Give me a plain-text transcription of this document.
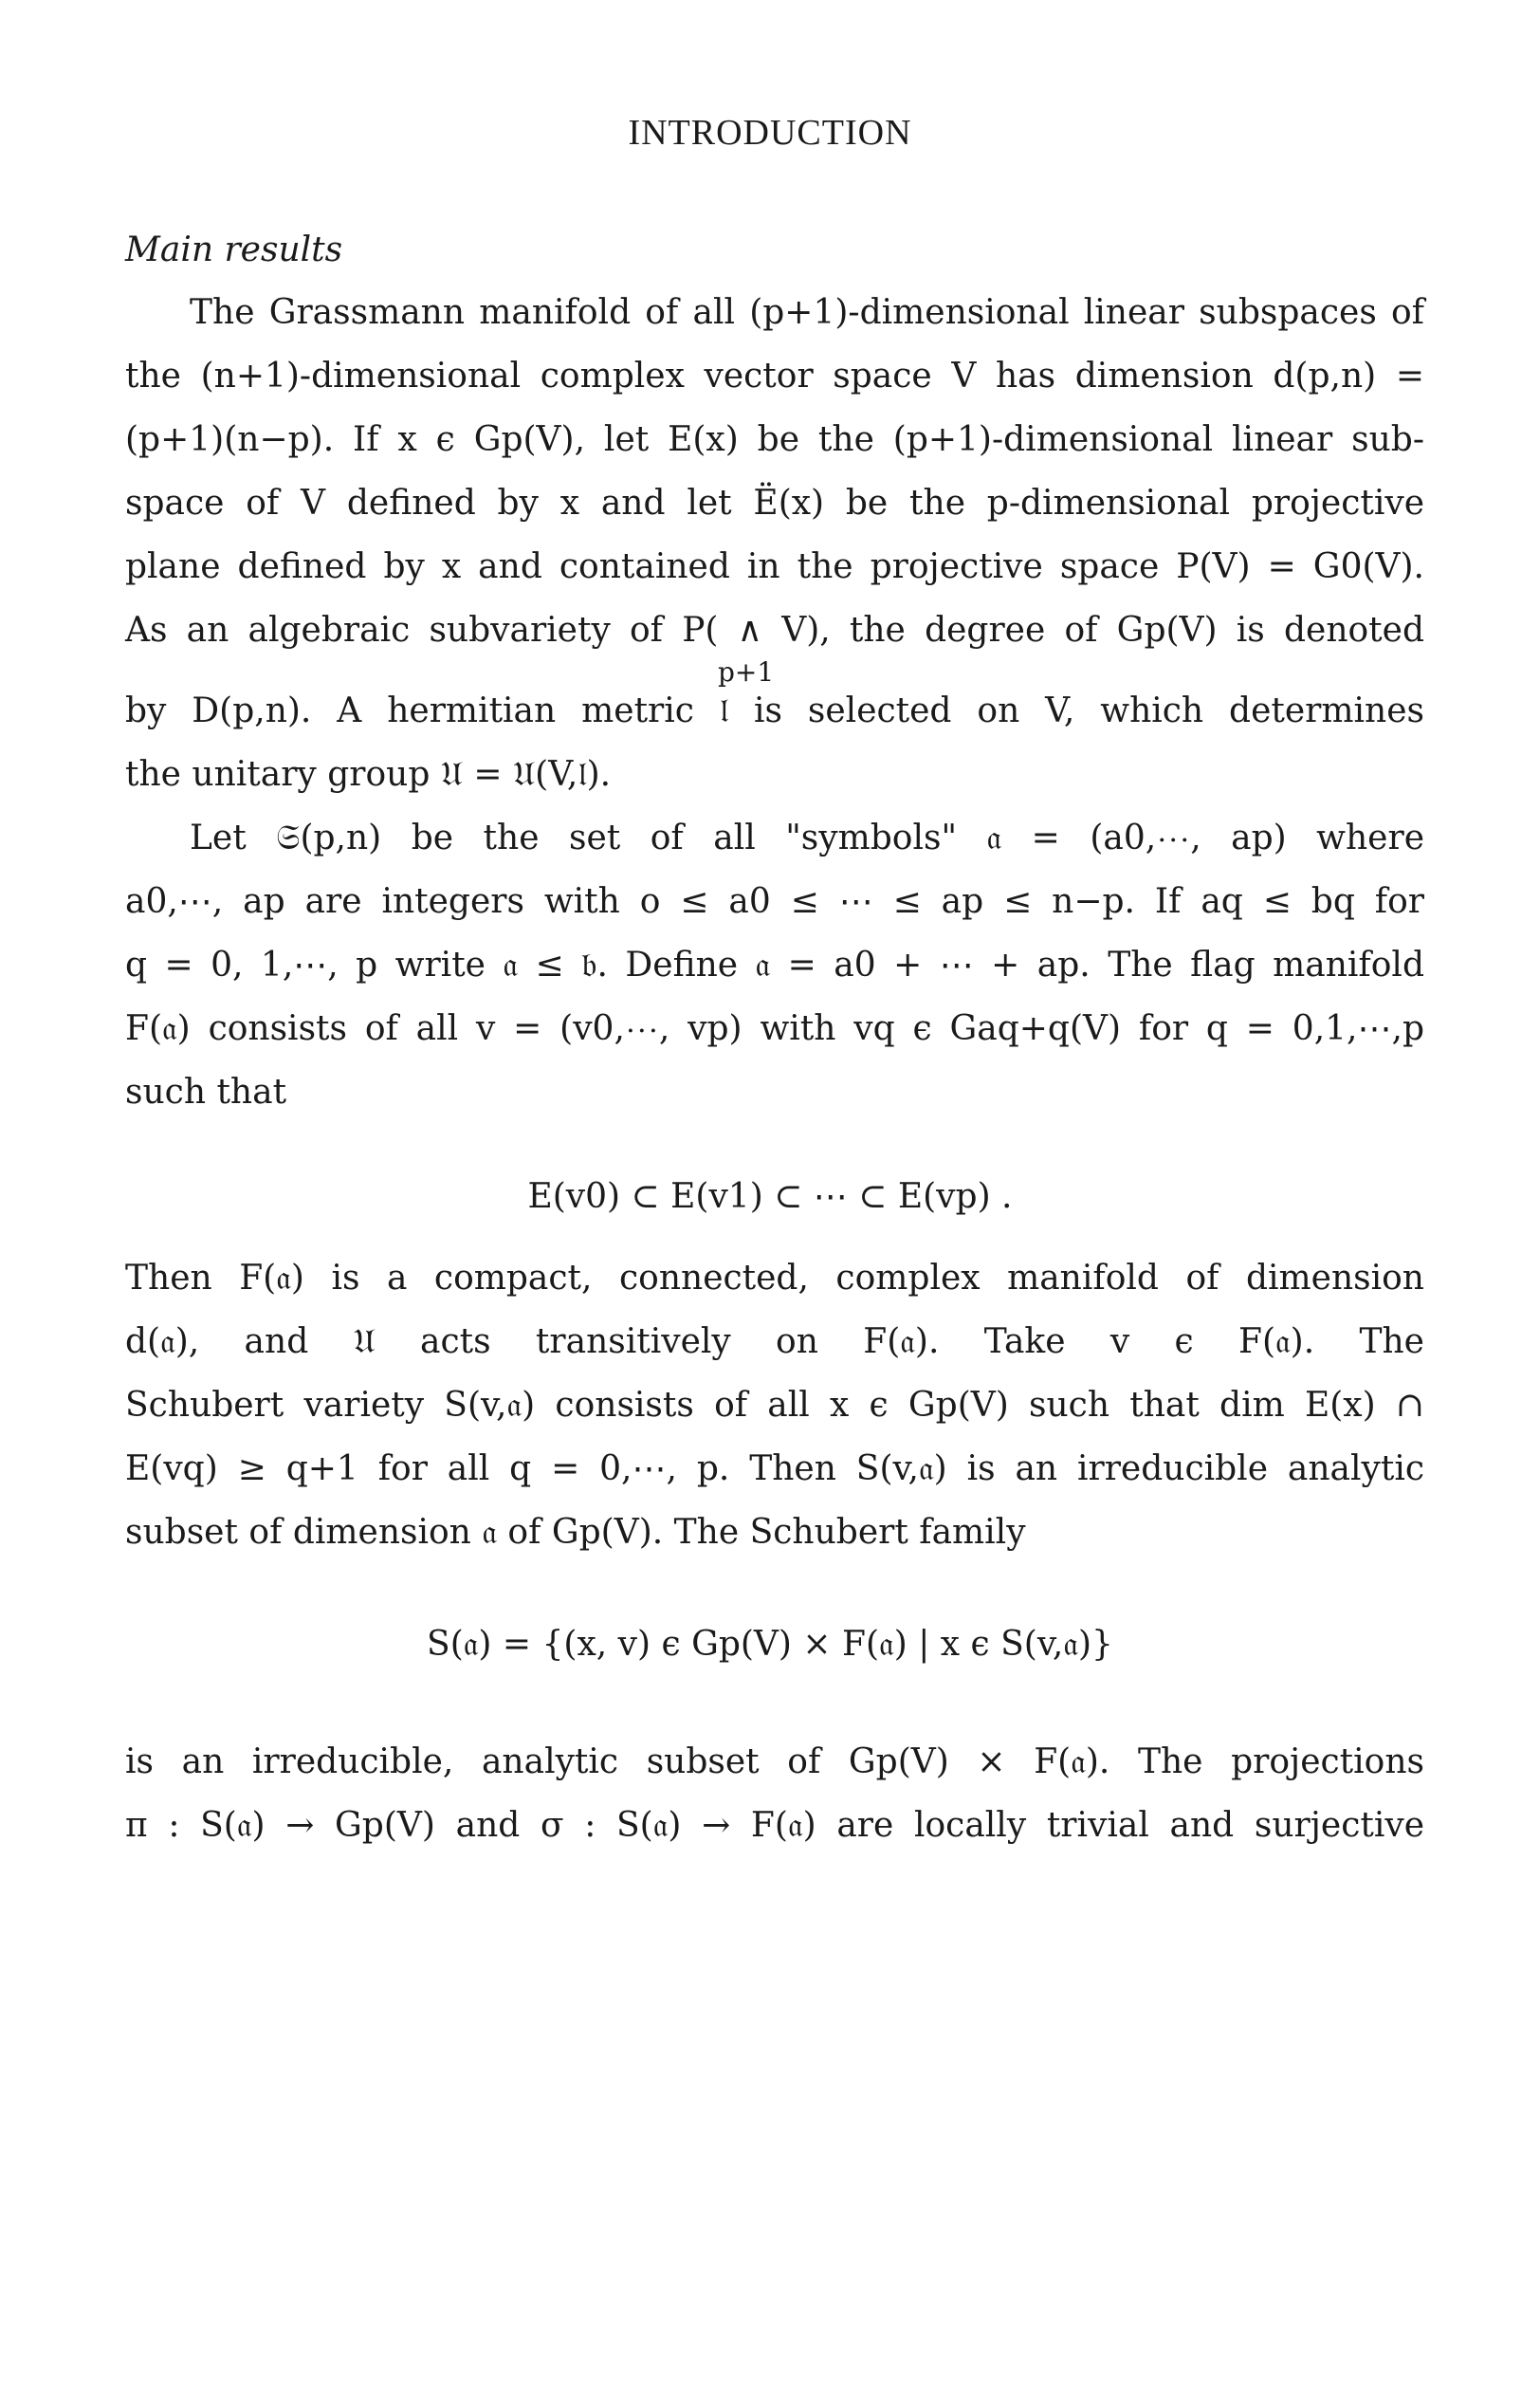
INTRODUCTION
Main results
The Grassmann manifold of all (p+1)-dimensional linear subspaces of
the (n+1)-dimensional complex vector space V has dimension d(p,n) =
(p+1)(n−p). If x ϵ Gp(V), let E(x) be the (p+1)-dimensional linear sub-
space of V defined by x and let Ë(x) be the p-dimensional projective
plane defined by x and contained in the projective space P(V) = G0(V).
As an algebraic subvariety of P( ∧ V), the degree of Gp(V) is denoted
p+1
by D(p,n). A hermitian metric 𝔩 is selected on V, which determines
the unitary group 𝔘 = 𝔘(V,𝔩).
Let 𝔖(p,n) be the set of all "symbols" 𝔞 = (a0,⋯, ap) where
a0,⋯, ap are integers with o ≤ a0 ≤ ⋯ ≤ ap ≤ n−p. If aq ≤ bq for
q = 0, 1,⋯, p write 𝔞 ≤ 𝔟. Define 𝔞 = a0 + ⋯ + ap. The flag manifold
F(𝔞) consists of all v = (v0,⋯, vp) with vq ϵ Gaq+q(V) for q = 0,1,⋯,p
such that
E(v0) ⊂ E(v1) ⊂ ⋯ ⊂ E(vp) .
Then F(𝔞) is a compact, connected, complex manifold of dimension
d(𝔞), and 𝔘 acts transitively on F(𝔞). Take v ϵ F(𝔞). The
Schubert variety S(v,𝔞) consists of all x ϵ Gp(V) such that dim E(x) ∩
E(vq) ≥ q+1 for all q = 0,⋯, p. Then S(v,𝔞) is an irreducible analytic
subset of dimension 𝔞 of Gp(V). The Schubert family
S(𝔞) = {(x, v) ϵ Gp(V) × F(𝔞) | x ϵ S(v,𝔞)}
is an irreducible, analytic subset of Gp(V) × F(𝔞). The projections
π : S(𝔞) → Gp(V) and σ : S(𝔞) → F(𝔞) are locally trivial and surjective
